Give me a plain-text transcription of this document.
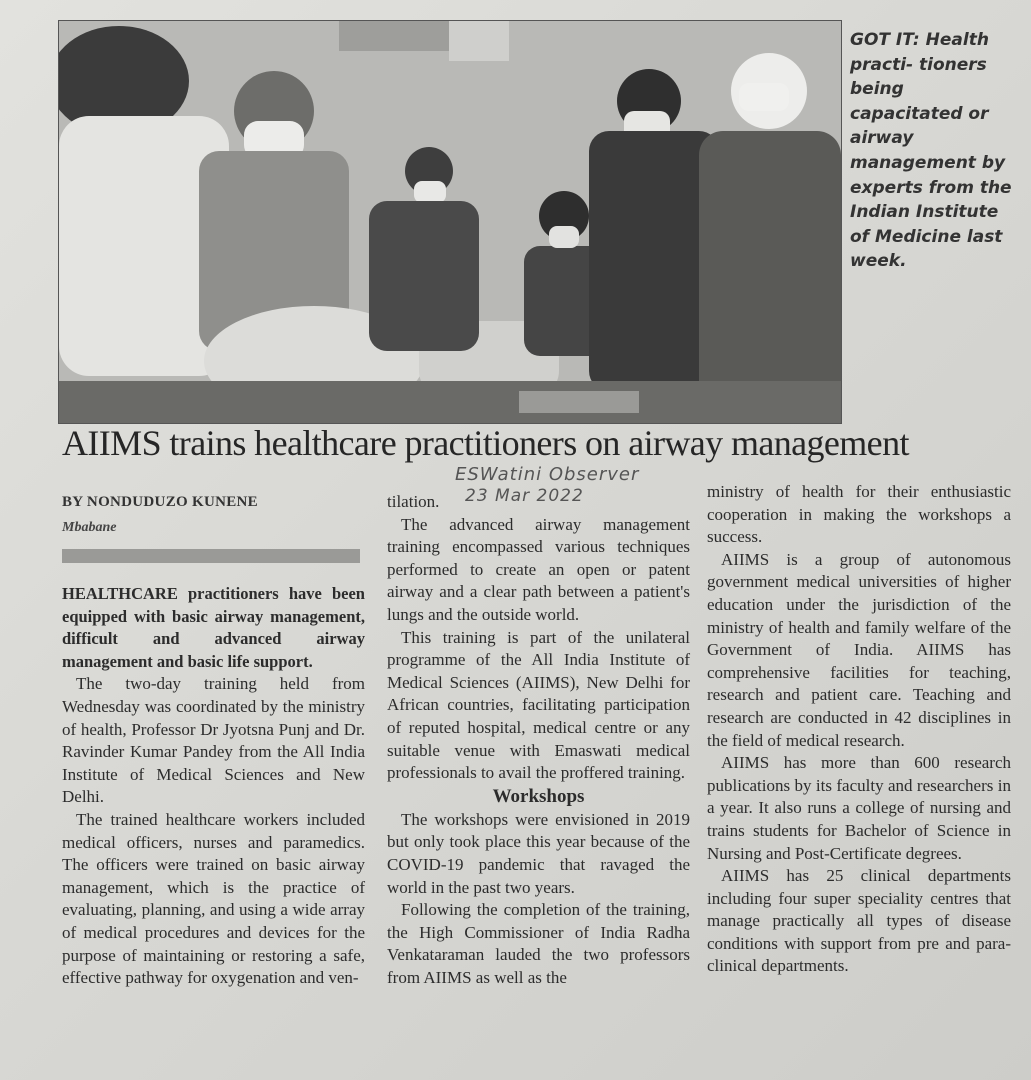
GOT IT: Health practi- tioners being capacitated or airway management by experts from the Indian Institute of Medicine last week.
AIIMS trains healthcare practitioners on airway management
ESWatini Observer
23 Mar 2022
BY NONDUDUZO KUNENE
Mbabane

HEALTHCARE practitioners have been equipped with basic airway management, difficult and advanced airway management and basic life support.

The two-day training held from Wednesday was coordinated by the ministry of health, Professor Dr Jyotsna Punj and Dr. Ravinder Kumar Pandey from the All India Institute of Medical Sciences and New Delhi.

The trained healthcare workers included medical officers, nurses and paramedics. The officers were trained on basic airway management, which is the practice of evaluating, planning, and using a wide array of medical procedures and devices for the purpose of maintaining or restoring a safe, effective pathway for oxygenation and ven-

tilation.

The advanced airway management training encompassed various techniques performed to create an open or patent airway and a clear path between a patient's lungs and the outside world.

This training is part of the unilateral programme of the All India Institute of Medical Sciences (AIIMS), New Delhi for African countries, facilitating participation of reputed hospital, medical centre or any suitable venue with Emaswati medical professionals to avail the proffered training.

Workshops

The workshops were envisioned in 2019 but only took place this year because of the COVID-19 pandemic that ravaged the world in the past two years.

Following the completion of the training, the High Commissioner of India Radha Venkataraman lauded the two professors from AIIMS as well as the

ministry of health for their enthusiastic cooperation in making the workshops a success.

AIIMS is a group of autonomous government medical universities of higher education under the jurisdiction of the ministry of health and family welfare of the Government of India. AIIMS has comprehensive facilities for teaching, research and patient care. Teaching and research are conducted in 42 disciplines in the field of medical research.

AIIMS has more than 600 research publications by its faculty and researchers in a year. It also runs a college of nursing and trains students for Bachelor of Science in Nursing and Post-Certificate degrees.

AIIMS has 25 clinical departments including four super speciality centres that manage practically all types of disease conditions with support from pre and para-clinical departments.
